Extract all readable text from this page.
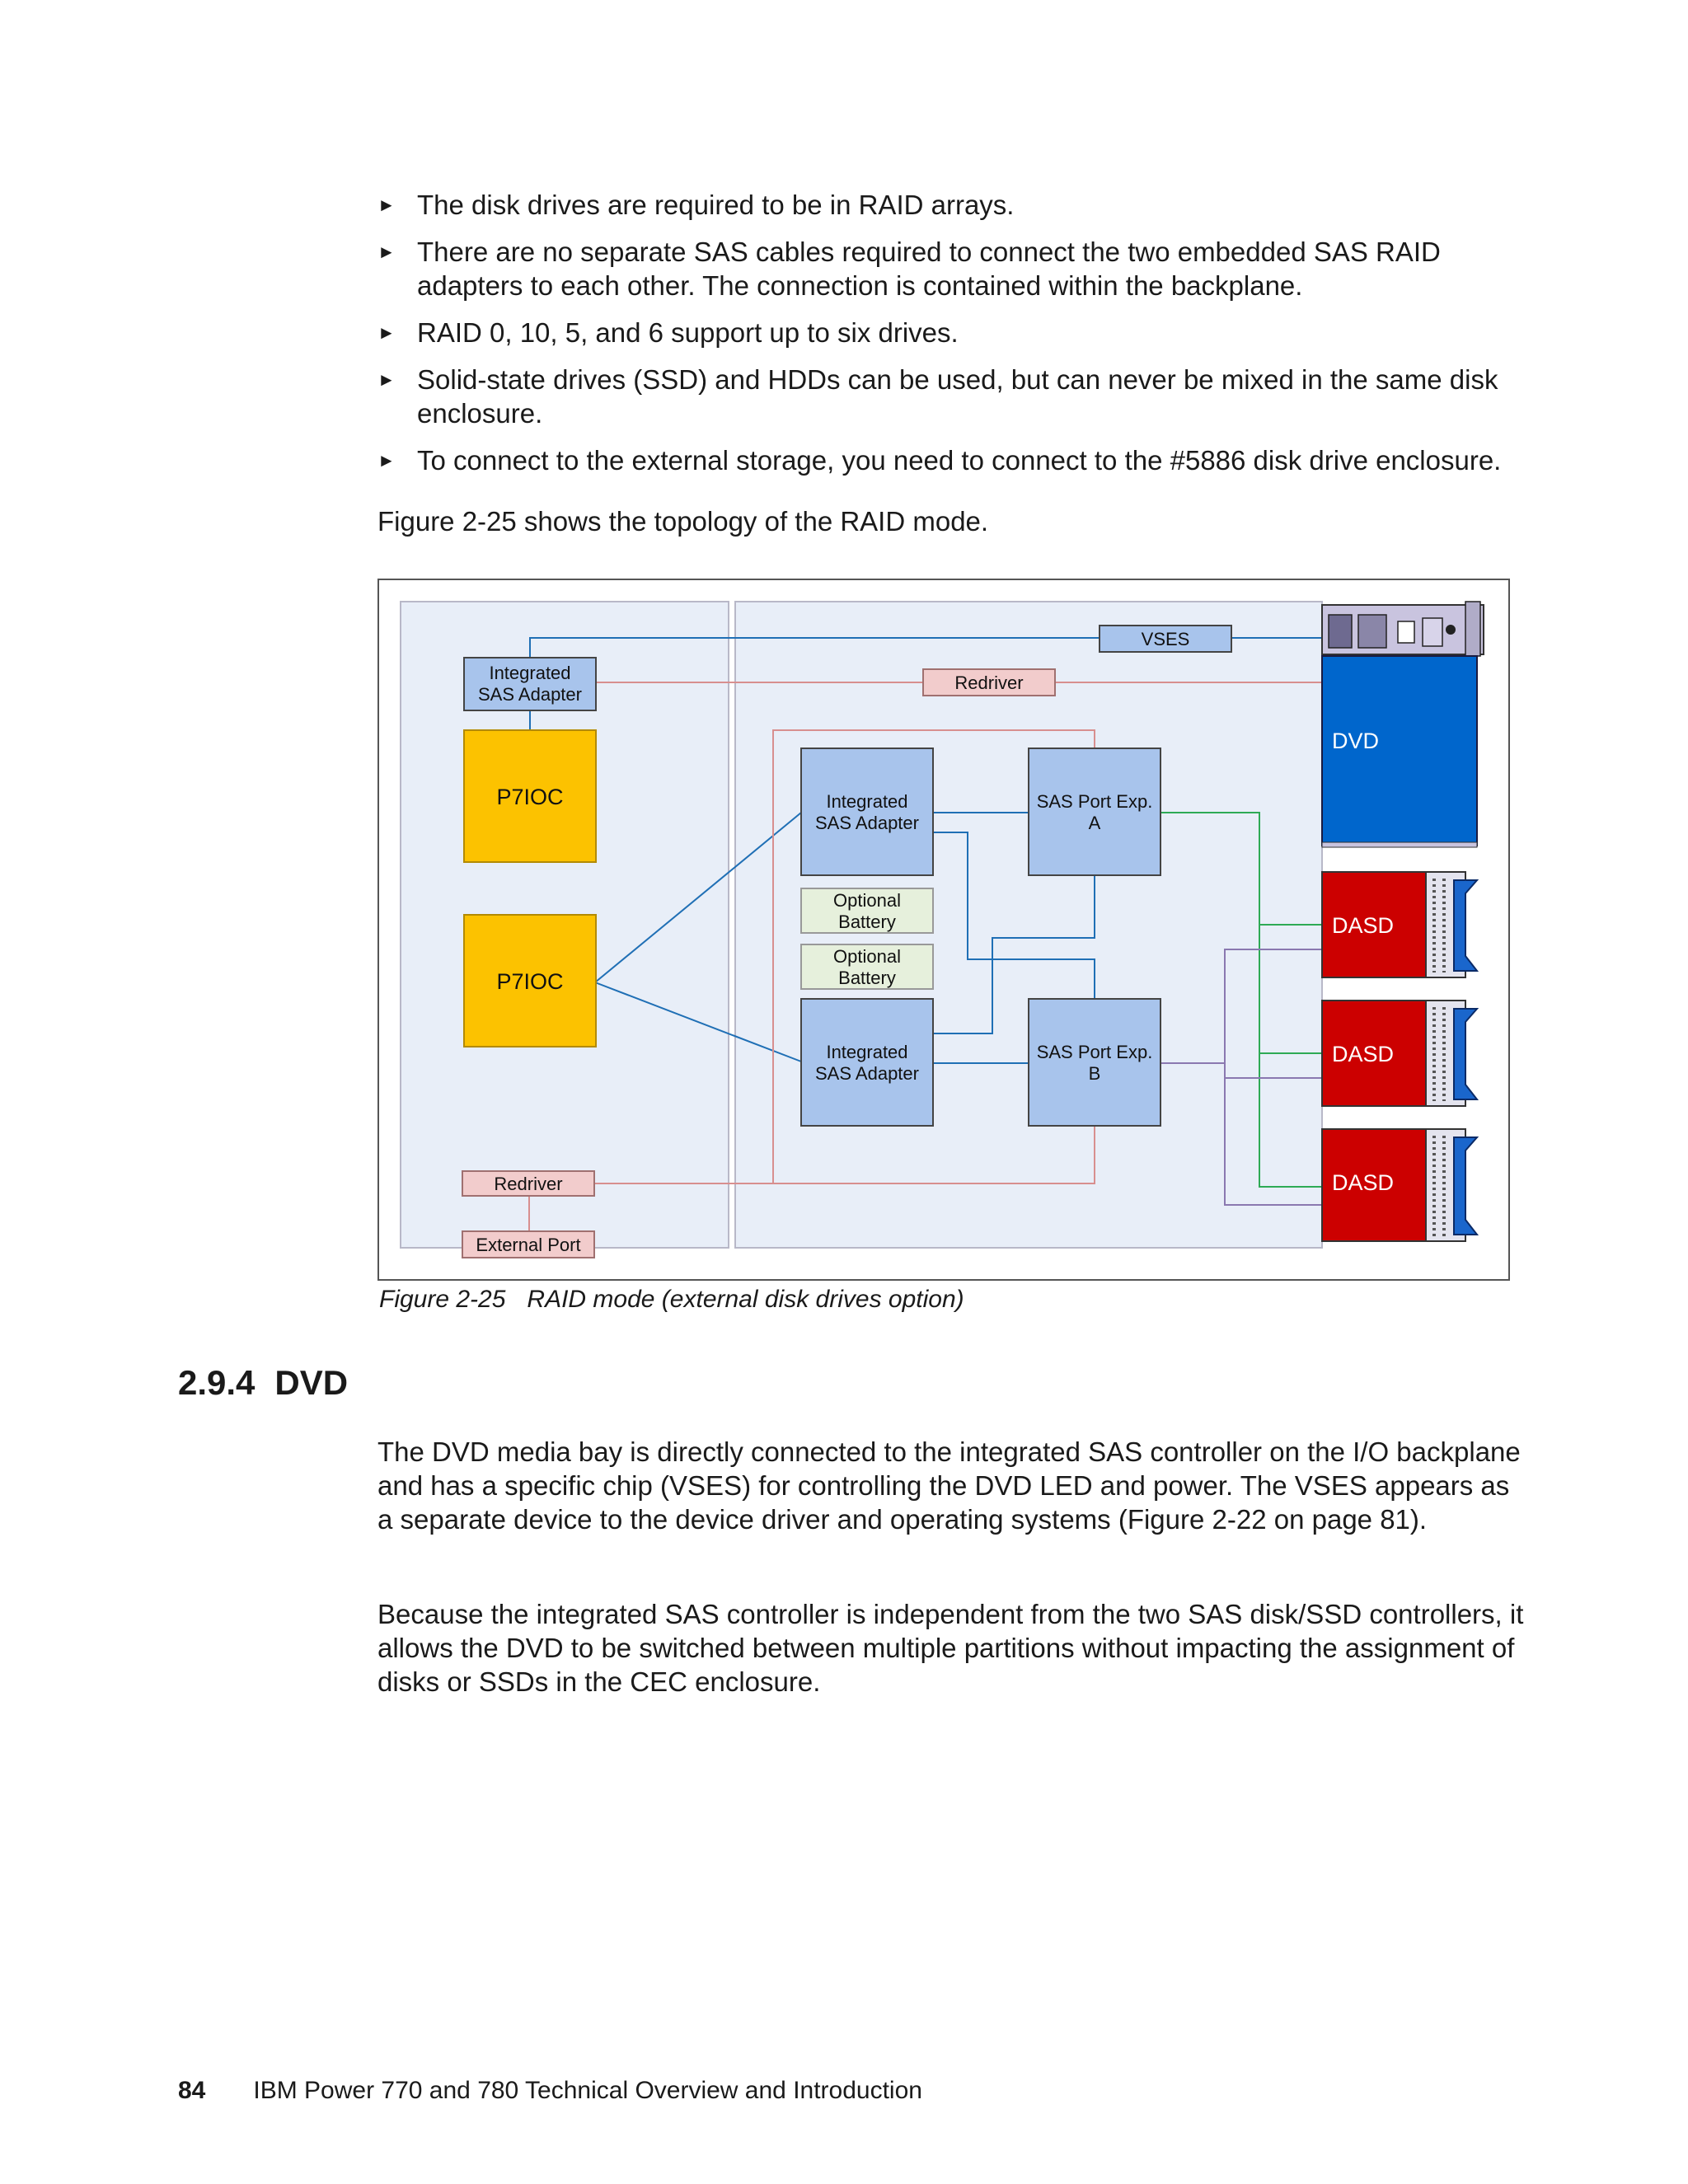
► The disk drives are required to be in RAID arrays.
► There are no separate SAS cables required to connect the two embedded SAS RAID adapters to each other. The connection is contained within the backplane.
► RAID 0, 10, 5, and 6 support up to six drives.
► Solid-state drives (SSD) and HDDs can be used, but can never be mixed in the same disk enclosure.
► To connect to the external storage, you need to connect to the #5886 disk drive enclosure.

Figure 2-25 shows the topology of the RAID mode.

Integrated
SAS Adapter
P7IOC
P7IOC
Redriver
External Port
VSES
Redriver
Integrated
SAS Adapter
SAS Port Exp.
A
Optional
Battery
Optional
Battery
Integrated
SAS Adapter
SAS Port Exp.
B
DVD
DASD
DASD
DASD

Figure 2-25 RAID mode (external disk drives option)

2.9.4 DVD

The DVD media bay is directly connected to the integrated SAS controller on the I/O backplane and has a specific chip (VSES) for controlling the DVD LED and power. The VSES appears as a separate device to the device driver and operating systems (Figure 2-22 on page 81).

Because the integrated SAS controller is independent from the two SAS disk/SSD controllers, it allows the DVD to be switched between multiple partitions without impacting the assignment of disks or SSDs in the CEC enclosure.

84 IBM Power 770 and 780 Technical Overview and Introduction
